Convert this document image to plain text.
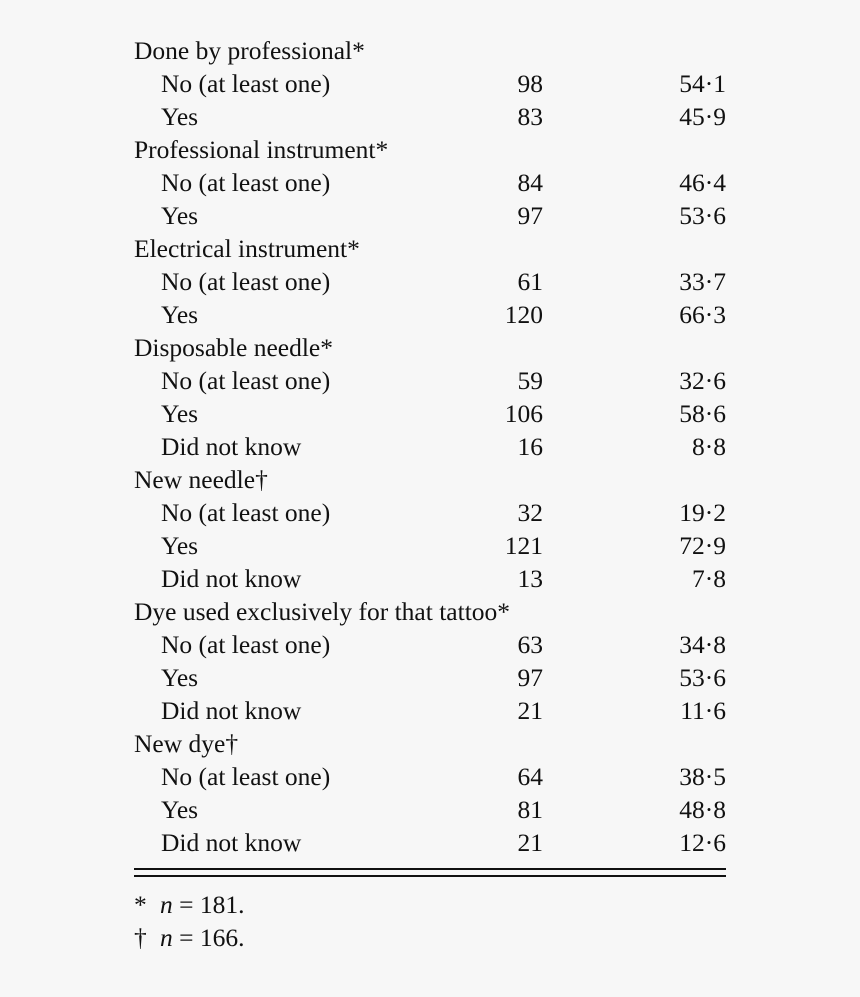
Done by professional*
No (at least one)	98	54·1
Yes	83	45·9
Professional instrument*
No (at least one)	84	46·4
Yes	97	53·6
Electrical instrument*
No (at least one)	61	33·7
Yes	120	66·3
Disposable needle*
No (at least one)	59	32·6
Yes	106	58·6
Did not know	16	8·8
New needle†
No (at least one)	32	19·2
Yes	121	72·9
Did not know	13	7·8
Dye used exclusively for that tattoo*
No (at least one)	63	34·8
Yes	97	53·6
Did not know	21	11·6
New dye†
No (at least one)	64	38·5
Yes	81	48·8
Did not know	21	12·6
* n = 181.
† n = 166.
